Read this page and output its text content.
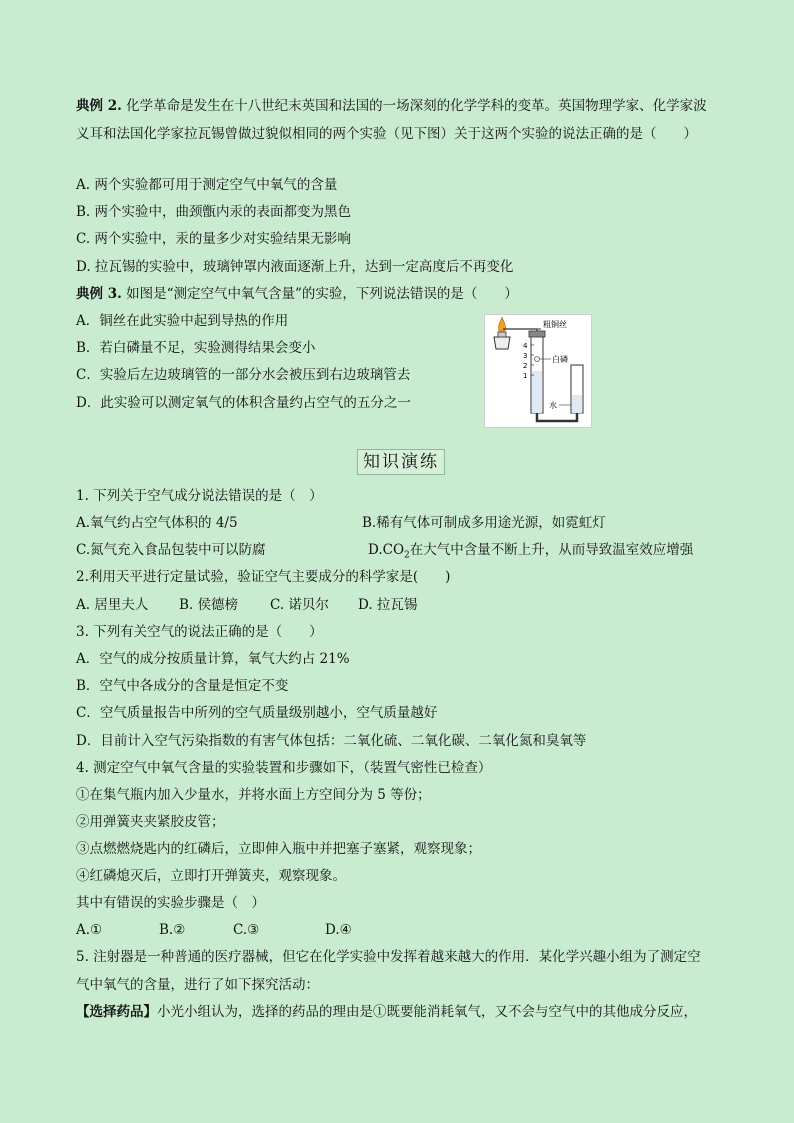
典例 2. 化学革命是发生在十八世纪末英国和法国的一场深刻的化学学科的变革。英国物理学家、化学家波
义耳和法国化学家拉瓦锡曾做过貌似相同的两个实验（见下图）关于这两个实验的说法正确的是（　　）
A. 两个实验都可用于测定空气中氧气的含量
B. 两个实验中，曲颈甑内汞的表面都变为黑色
C. 两个实验中，汞的量多少对实验结果无影响
D. 拉瓦锡的实验中，玻璃钟罩内液面逐渐上升，达到一定高度后不再变化
典例 3. 如图是“测定空气中氧气含量”的实验，下列说法错误的是（　　）
A．铜丝在此实验中起到导热的作用
B．若白磷量不足，实验测得结果会变小
C．实验后左边玻璃管的一部分水会被压到右边玻璃管去
D．此实验可以测定氧气的体积含量约占空气的五分之一
4
3
2
1
粗铜丝
白磷
水
知识演练
1. 下列关于空气成分说法错误的是（　）
A.氧气约占空气体积的 4/5	B.稀有气体可制成多用途光源，如霓虹灯
C.氮气充入食品包装中可以防腐	$D.CO_2$在大气中含量不断上升，从而导致温室效应增强
2.利用天平进行定量试验，验证空气主要成分的科学家是(　　)
A. 居里夫人 B. 侯德榜 C. 诺贝尔 D. 拉瓦锡
3. 下列有关空气的说法正确的是（　　）
A．空气的成分按质量计算，氧气大约占 21%
B．空气中各成分的含量是恒定不变
C．空气质量报告中所列的空气质量级别越小，空气质量越好
D．目前计入空气污染指数的有害气体包括：二氧化硫、二氧化碳、二氧化氮和臭氧等
4. 测定空气中氧气含量的实验装置和步骤如下，（装置气密性已检查）
①在集气瓶内加入少量水，并将水面上方空间分为 5 等份；
②用弹簧夹夹紧胶皮管；
③点燃燃烧匙内的红磷后，立即伸入瓶中并把塞子塞紧，观察现象；
④红磷熄灭后，立即打开弹簧夹，观察现象。
其中有错误的实验步骤是（　）
A.①	B.②	C.③	D.④
5. 注射器是一种普通的医疗器械，但它在化学实验中发挥着越来越大的作用．某化学兴趣小组为了测定空
气中氧气的含量，进行了如下探究活动：
【选择药品】小光小组认为，选择的药品的理由是①既要能消耗氧气，又不会与空气中的其他成分反应，
